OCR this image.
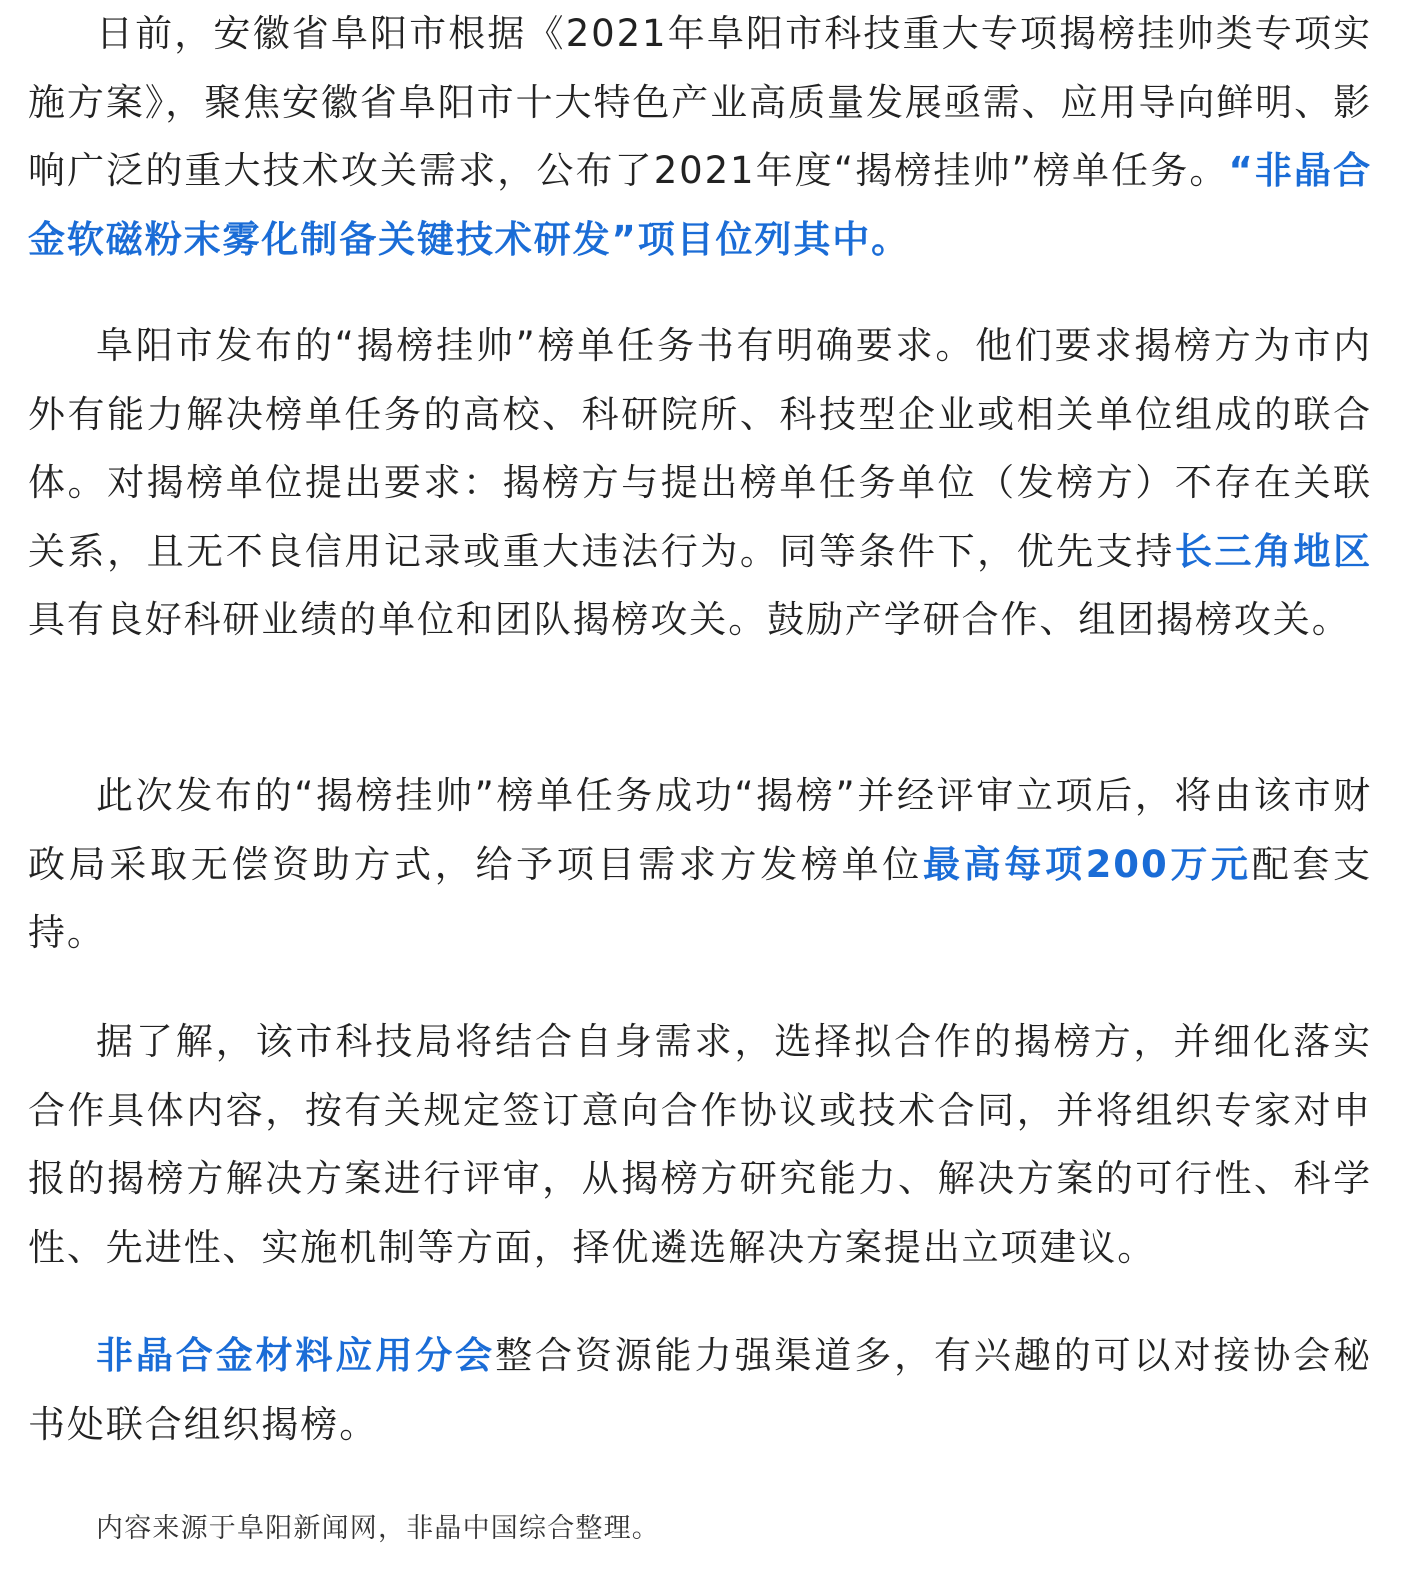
日前，安徽省阜阳市根据《2021年阜阳市科技重大专项揭榜挂帅类专项实施方案》，聚焦安徽省阜阳市十大特色产业高质量发展亟需、应用导向鲜明、影响广泛的重大技术攻关需求，公布了2021年度“揭榜挂帅”榜单任务。“非晶合金软磁粉末雾化制备关键技术研发”项目位列其中。

阜阳市发布的“揭榜挂帅”榜单任务书有明确要求。他们要求揭榜方为市内外有能力解决榜单任务的高校、科研院所、科技型企业或相关单位组成的联合体。对揭榜单位提出要求：揭榜方与提出榜单任务单位（发榜方）不存在关联关系，且无不良信用记录或重大违法行为。同等条件下，优先支持长三角地区具有良好科研业绩的单位和团队揭榜攻关。鼓励产学研合作、组团揭榜攻关。

此次发布的“揭榜挂帅”榜单任务成功“揭榜”并经评审立项后，将由该市财政局采取无偿资助方式，给予项目需求方发榜单位最高每项200万元配套支持。

据了解，该市科技局将结合自身需求，选择拟合作的揭榜方，并细化落实合作具体内容，按有关规定签订意向合作协议或技术合同，并将组织专家对申报的揭榜方解决方案进行评审，从揭榜方研究能力、解决方案的可行性、科学性、先进性、实施机制等方面，择优遴选解决方案提出立项建议。

非晶合金材料应用分会整合资源能力强渠道多，有兴趣的可以对接协会秘书处联合组织揭榜。

内容来源于阜阳新闻网，非晶中国综合整理。
